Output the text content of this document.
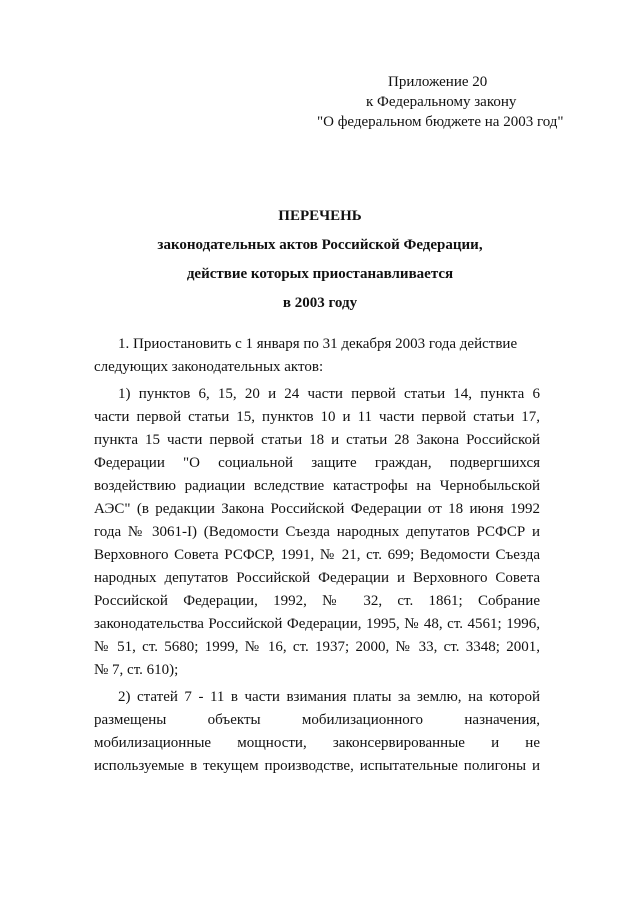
Приложение 20
к Федеральному закону
"О федеральном бюджете на 2003 год"
ПЕРЕЧЕНЬ
законодательных актов Российской Федерации,
действие которых приостанавливается
в 2003 году
1. Приостановить с 1 января по 31 декабря 2003 года действие
следующих законодательных актов:
1) пунктов 6, 15, 20 и 24 части первой статьи 14, пункта 6
части первой статьи 15, пунктов 10 и 11 части первой статьи 17,
пункта 15 части первой статьи 18 и статьи 28 Закона Российской
Федерации "О социальной защите граждан, подвергшихся
воздействию радиации вследствие катастрофы на Чернобыльской
АЭС" (в редакции Закона Российской Федерации от 18 июня 1992
года № 3061-I) (Ведомости Съезда народных депутатов РСФСР и
Верховного Совета РСФСР, 1991, № 21, ст. 699; Ведомости Съезда
народных депутатов Российской Федерации и Верховного Совета
Российской Федерации, 1992, № 32, ст. 1861; Собрание
законодательства Российской Федерации, 1995, № 48, ст. 4561; 1996,
№ 51, ст. 5680; 1999, № 16, ст. 1937; 2000, № 33, ст. 3348; 2001,
№ 7, ст. 610);
2) статей 7 - 11 в части взимания платы за землю, на которой
размещены объекты мобилизационного назначения,
мобилизационные мощности, законсервированные и не
используемые в текущем производстве, испытательные полигоны и
